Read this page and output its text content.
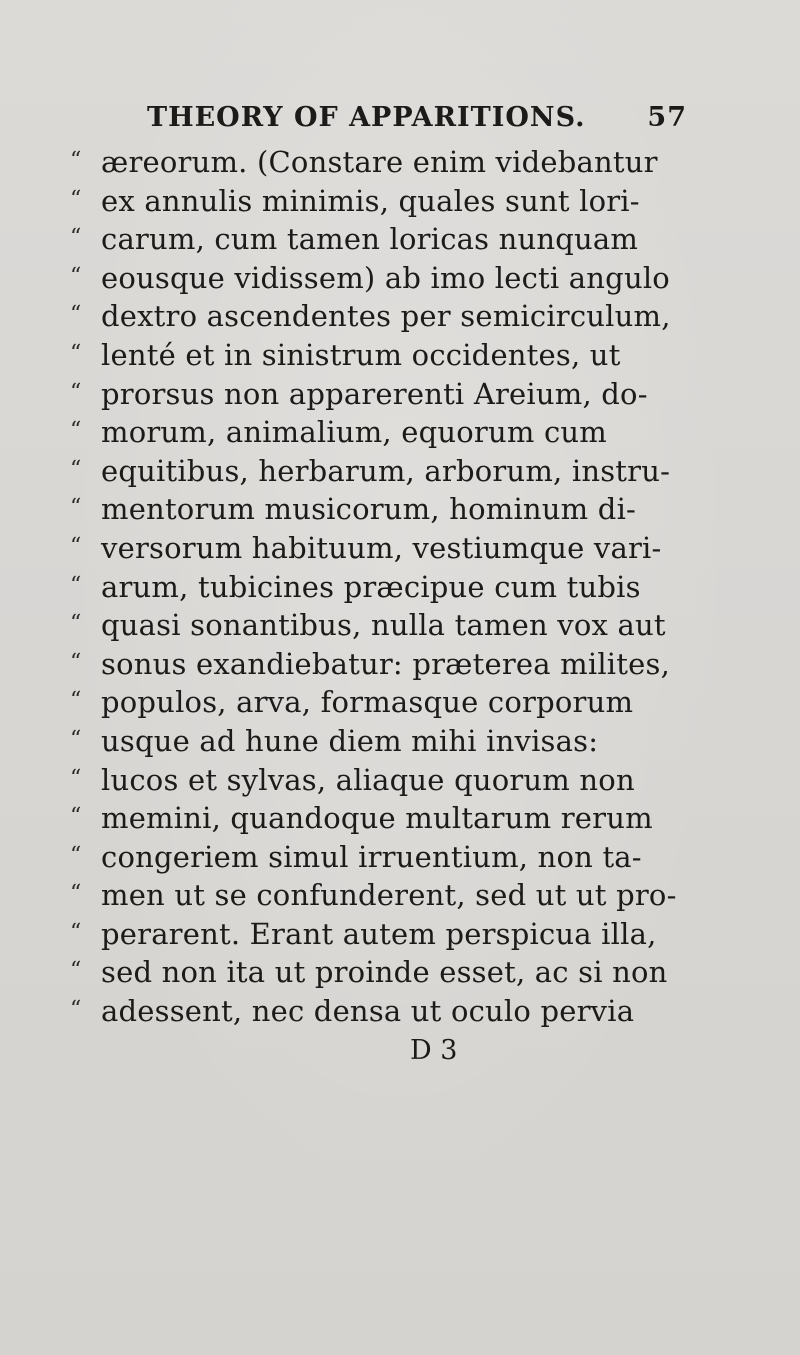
THEORY OF APPARITIONS. 57
“ ærеorum. (Constare enim videbantur
“ ex annulis minimis, quales sunt lori-
“ carum, cum tamen loricas nunquam
“ eousque vidissem) ab imo lecti angulo
“ dextro ascendentes per semicirculum,
“ lenté et in sinistrum occidentes, ut
“ prorsus non apparerenti Areium, do-
“ morum, animalium, equorum cum
“ equitibus, herbarum, arborum, instru-
“ mentorum musicorum, hominum di-
“ versorum habituum, vestiumque vari-
“ arum, tubicines præcipue cum tubis
“ quasi sonantibus, nulla tamen vox aut
“ sonus exandiebatur: præterea milites,
“ populos, arva, formasque corporum
“ usque ad hune diem mihi invisas:
“ lucos et sylvas, aliaque quorum non
“ memini, quandoque multarum rerum
“ congeriem simul irruentium, non ta-
“ men ut se confunderent, sed ut ut pro-
“ perarent. Erant autem perspicua illa,
“ sed non ita ut proinde esset, ac si non
“ adessent, nec densa ut oculo pervia
D 3
